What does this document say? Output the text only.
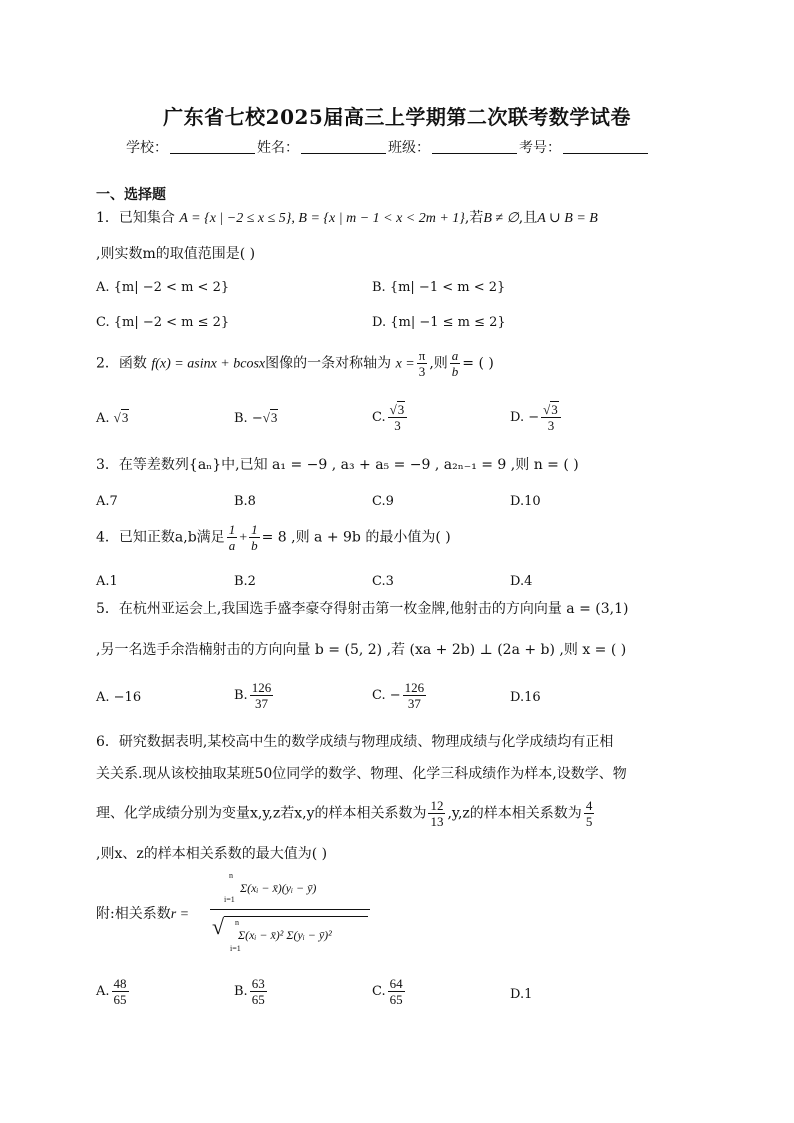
广东省七校2025届高三上学期第二次联考数学试卷
学校：	姓名：	班级：	考号：
一、选择题
1．已知集合 A = {x | −2 ≤ x ≤ 5}, B = {x | m − 1 < x < 2m + 1},若B ≠ ∅,且A ∪ B = B
,则实数m的取值范围是( )
A. {m| −2 < m < 2}	B. {m| −1 < m < 2}
C. {m| −2 < m ≤ 2}	D. {m| −1 ≤ m ≤ 2}
2．函数 f(x) = asinx + bcosx图像的一条对称轴为 $x = \frac{\pi}{3}$ ,则 $\frac{a}{b}$ = ( )
A. √3	B. −√3	C. $\frac{√3}{3}$	D. − $\frac{√3}{3}$
3．在等差数列{aₙ}中,已知 a₁ = −9 , a₃ + a₅ = −9 , a₂ₙ₋₁ = 9 ,则 n = ( )
A.7	B.8	C.9	D.10
4．已知正数a,b满足 $\frac{1}{a} + \frac{1}{b} = 8$ ,则 a + 9b 的最小值为( )
A.1	B.2	C.3	D.4
5．在杭州亚运会上,我国选手盛李豪夺得射击第一枚金牌,他射击的方向向量 a = (3,1)
,另一名选手余浩楠射击的方向向量 b = (5, 2) ,若 (xa + 2b) ⊥ (2a + b) ,则 x = ( )
A. −16	B. $\frac{126}{37}$	C. − $\frac{126}{37}$	D.16
6．研究数据表明,某校高中生的数学成绩与物理成绩、物理成绩与化学成绩均有正相
关关系.现从该校抽取某班50位同学的数学、物理、化学三科成绩作为样本,设数学、物
理、化学成绩分别为变量x,y,z若x,y的样本相关系数为 $\frac{12}{13} ,y,z$的样本相关系数为 $\frac{4}{5}$
,则x、z的样本相关系数的最大值为( )
附:相关系数r =	n
i=1
Σ(xᵢ − x̄)(yᵢ − ȳ)
√ n
i=1
Σ(xᵢ − x̄)² Σ(yᵢ − ȳ)²
A. $\frac{48}{65}$	B. $\frac{63}{65}$	C. $\frac{64}{65}$	D.1
